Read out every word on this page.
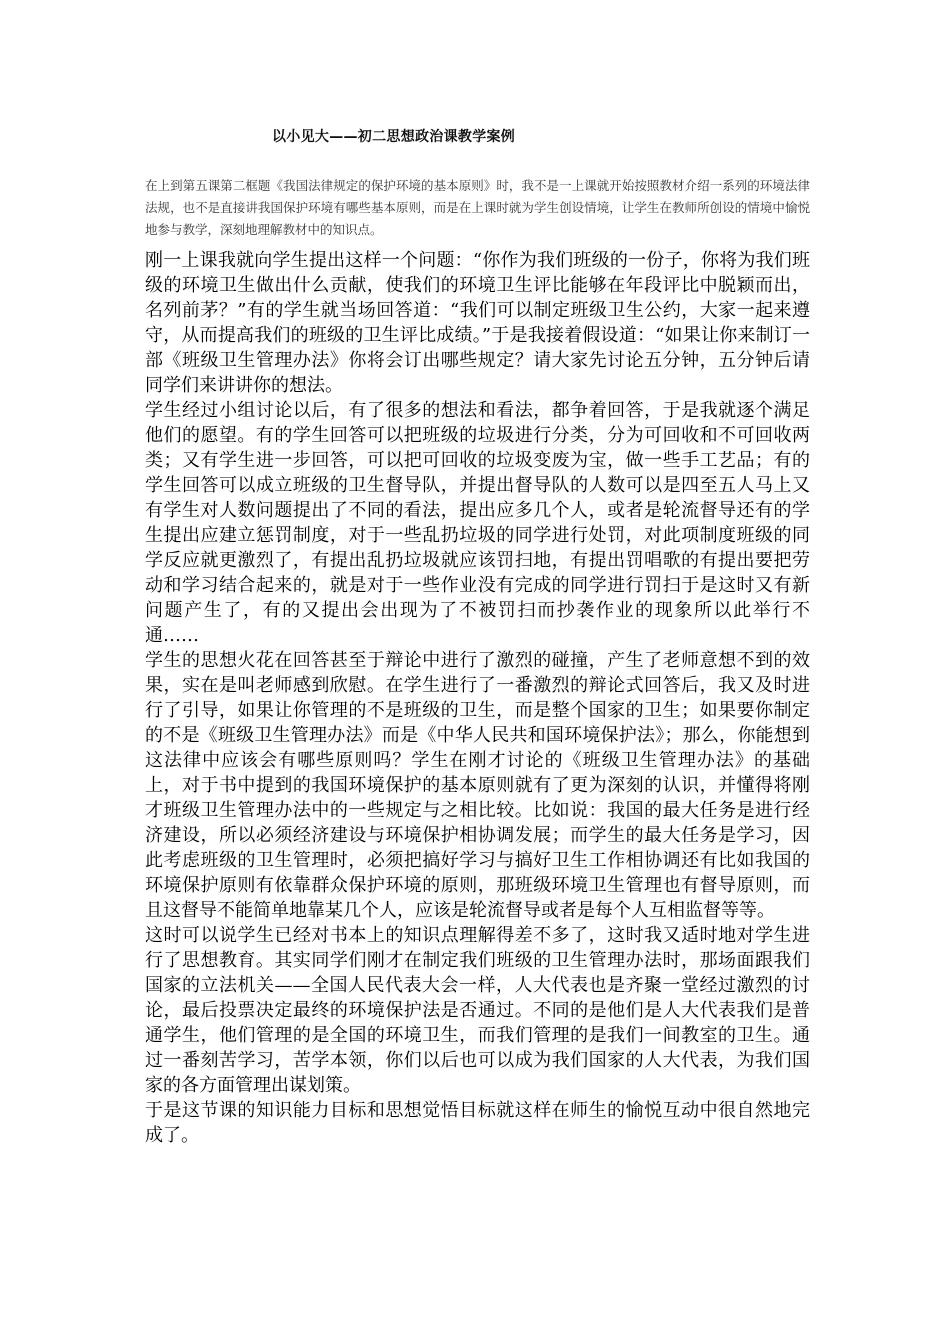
以小见大——初二思想政治课教学案例
在上到第五课第二框题《我国法律规定的保护环境的基本原则》时，我不是一上课就开始按照教材介绍一系列的环境法律法规，也不是直接讲我国保护环境有哪些基本原则，而是在上课时就为学生创设情境，让学生在教师所创设的情境中愉悦地参与教学，深刻地理解教材中的知识点。

刚一上课我就向学生提出这样一个问题：“你作为我们班级的一份子，你将为我们班级的环境卫生做出什么贡献，使我们的环境卫生评比能够在年段评比中脱颖而出，名列前茅？”有的学生就当场回答道：“我们可以制定班级卫生公约，大家一起来遵守，从而提高我们的班级的卫生评比成绩。”于是我接着假设道：“如果让你来制订一部《班级卫生管理办法》你将会订出哪些规定？请大家先讨论五分钟，五分钟后请同学们来讲讲你的想法。

学生经过小组讨论以后，有了很多的想法和看法，都争着回答，于是我就逐个满足他们的愿望。有的学生回答可以把班级的垃圾进行分类，分为可回收和不可回收两类；又有学生进一步回答，可以把可回收的垃圾变废为宝，做一些手工艺品；有的学生回答可以成立班级的卫生督导队，并提出督导队的人数可以是四至五人马上又有学生对人数问题提出了不同的看法，提出应多几个人，或者是轮流督导还有的学生提出应建立惩罚制度，对于一些乱扔垃圾的同学进行处罚，对此项制度班级的同学反应就更激烈了，有提出乱扔垃圾就应该罚扫地，有提出罚唱歌的有提出要把劳动和学习结合起来的，就是对于一些作业没有完成的同学进行罚扫于是这时又有新问题产生了，有的又提出会出现为了不被罚扫而抄袭作业的现象所以此举行不通……

学生的思想火花在回答甚至于辩论中进行了激烈的碰撞，产生了老师意想不到的效果，实在是叫老师感到欣慰。在学生进行了一番激烈的辩论式回答后，我又及时进行了引导，如果让你管理的不是班级的卫生，而是整个国家的卫生；如果要你制定的不是《班级卫生管理办法》而是《中华人民共和国环境保护法》；那么，你能想到这法律中应该会有哪些原则吗？学生在刚才讨论的《班级卫生管理办法》的基础上，对于书中提到的我国环境保护的基本原则就有了更为深刻的认识，并懂得将刚才班级卫生管理办法中的一些规定与之相比较。比如说：我国的最大任务是进行经济建设，所以必须经济建设与环境保护相协调发展；而学生的最大任务是学习，因此考虑班级的卫生管理时，必须把搞好学习与搞好卫生工作相协调还有比如我国的环境保护原则有依靠群众保护环境的原则，那班级环境卫生管理也有督导原则，而且这督导不能简单地靠某几个人，应该是轮流督导或者是每个人互相监督等等。

这时可以说学生已经对书本上的知识点理解得差不多了，这时我又适时地对学生进行了思想教育。其实同学们刚才在制定我们班级的卫生管理办法时，那场面跟我们国家的立法机关——全国人民代表大会一样，人大代表也是齐聚一堂经过激烈的讨论，最后投票决定最终的环境保护法是否通过。不同的是他们是人大代表我们是普通学生，他们管理的是全国的环境卫生，而我们管理的是我们一间教室的卫生。通过一番刻苦学习，苦学本领，你们以后也可以成为我们国家的人大代表，为我们国家的各方面管理出谋划策。

于是这节课的知识能力目标和思想觉悟目标就这样在师生的愉悦互动中很自然地完成了。
